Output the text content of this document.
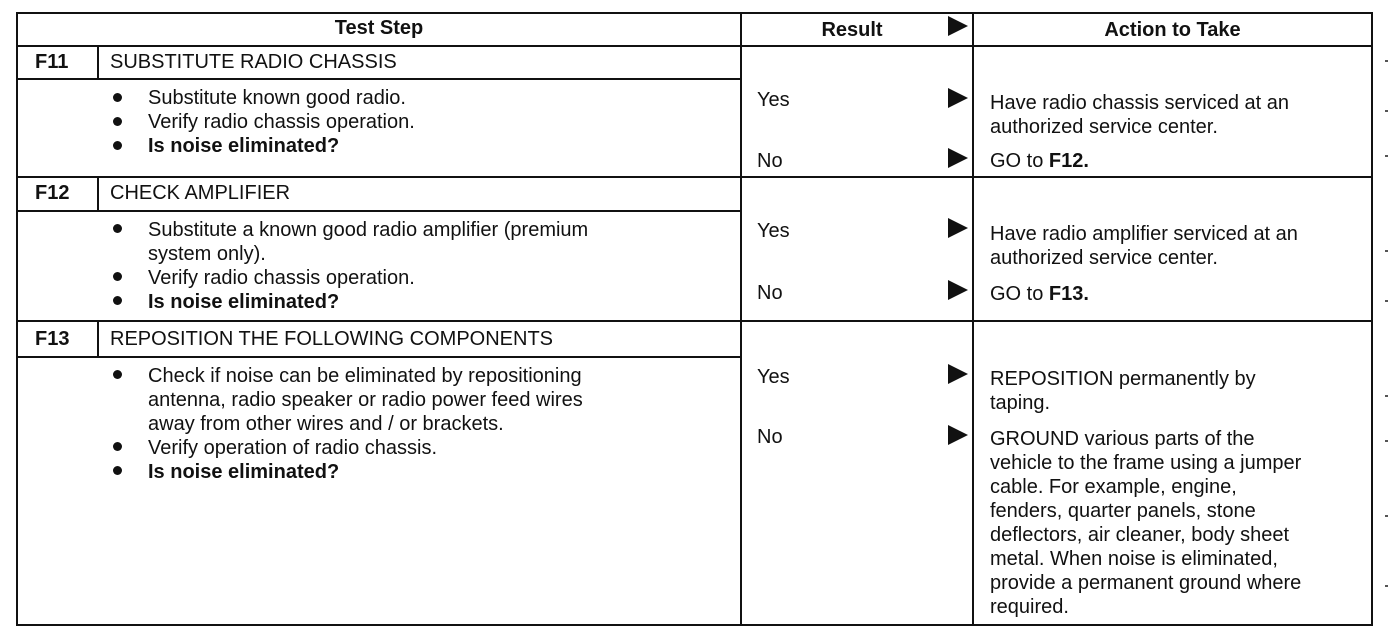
Test Step	Result	Action to Take
F11 SUBSTITUTE RADIO CHASSIS
Substitute known good radio.
Verify radio chassis operation.
Is noise eliminated?
Yes	Have radio chassis serviced at an
authorized service center.
No	GO to F12.
F12 CHECK AMPLIFIER
Substitute a known good radio amplifier (premium
system only).
Verify radio chassis operation.
Is noise eliminated?
Yes	Have radio amplifier serviced at an
authorized service center.
No	GO to F13.
F13 REPOSITION THE FOLLOWING COMPONENTS
Check if noise can be eliminated by repositioning
antenna, radio speaker or radio power feed wires
away from other wires and / or brackets.
Verify operation of radio chassis.
Is noise eliminated?
Yes	REPOSITION permanently by
taping.
No	GROUND various parts of the
vehicle to the frame using a jumper
cable. For example, engine,
fenders, quarter panels, stone
deflectors, air cleaner, body sheet
metal. When noise is eliminated,
provide a permanent ground where
required.
